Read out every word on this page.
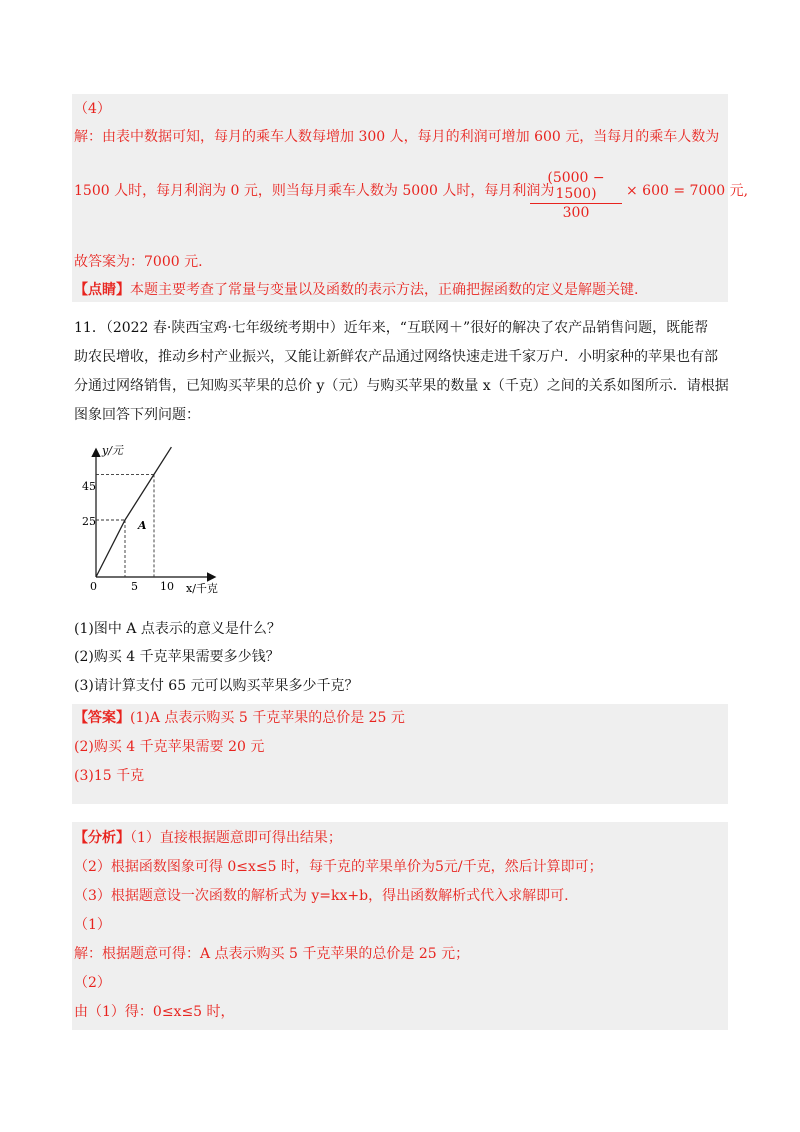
（4）
解：由表中数据可知，每月的乘车人数每增加 300 人，每月的利润可增加 600 元，当每月的乘车人数为
1500 人时，每月利润为 0 元，则当每月乘车人数为 5000 人时，每月利润为
(5000 − 1500)
300
× 600 = 7000 元,
故答案为：7000 元.
【点睛】本题主要考查了常量与变量以及函数的表示方法，正确把握函数的定义是解题关键.
11．（2022 春·陕西宝鸡·七年级统考期中）近年来，“互联网＋”很好的解决了农产品销售问题，既能帮
助农民增收，推动乡村产业振兴，又能让新鲜农产品通过网络快速走进千家万户．小明家种的苹果也有部
分通过网络销售，已知购买苹果的总价 y（元）与购买苹果的数量 x（千克）之间的关系如图所示．请根据
图象回答下列问题：
y/元
x/千克
0
45
25
5 10
A
(1)图中 A 点表示的意义是什么？
(2)购买 4 千克苹果需要多少钱？
(3)请计算支付 65 元可以购买苹果多少千克？
【答案】(1)A 点表示购买 5 千克苹果的总价是 25 元
(2)购买 4 千克苹果需要 20 元
(3)15 千克
【分析】（1）直接根据题意即可得出结果；
（2）根据函数图象可得 0≤x≤5 时，每千克的苹果单价为5元/千克，然后计算即可；
（3）根据题意设一次函数的解析式为 y=kx+b，得出函数解析式代入求解即可.
（1）
解：根据题意可得：A 点表示购买 5 千克苹果的总价是 25 元；
（2）
由（1）得：0≤x≤5 时，
